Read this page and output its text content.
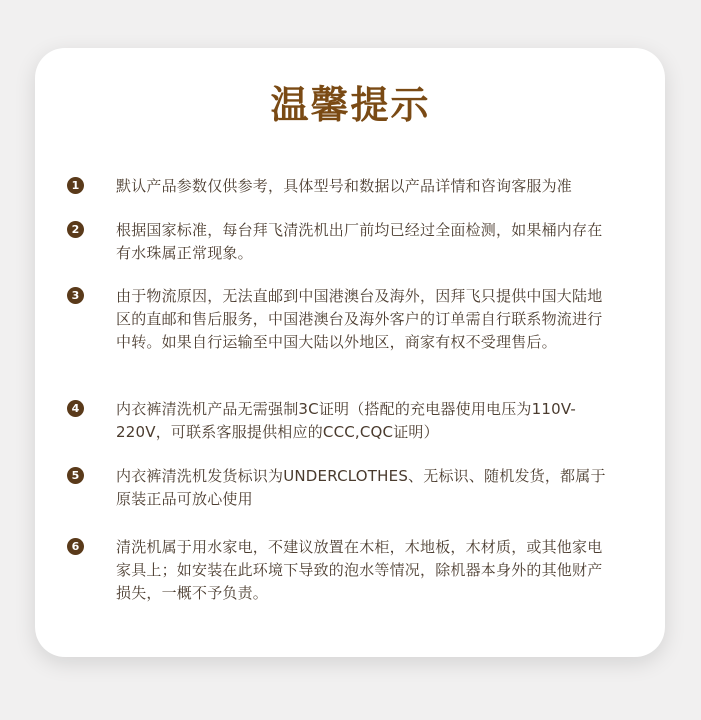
温馨提示
1	默认产品参数仅供参考，具体型号和数据以产品详情和咨询客服为准
2	根据国家标准，每台拜飞清洗机出厂前均已经过全面检测，如果桶内存在有水珠属正常现象。
3	由于物流原因，无法直邮到中国港澳台及海外，因拜飞只提供中国大陆地区的直邮和售后服务，中国港澳台及海外客户的订单需自行联系物流进行中转。如果自行运输至中国大陆以外地区，商家有权不受理售后。
4	内衣裤清洗机产品无需强制3C证明（搭配的充电器使用电压为110V-220V，可联系客服提供相应的CCC,CQC证明）
5	内衣裤清洗机发货标识为UNDERCLOTHES、无标识、随机发货，都属于原装正品可放心使用
6	清洗机属于用水家电，不建议放置在木柜，木地板，木材质，或其他家电家具上；如安装在此环境下导致的泡水等情况，除机器本身外的其他财产损失，一概不予负责。
